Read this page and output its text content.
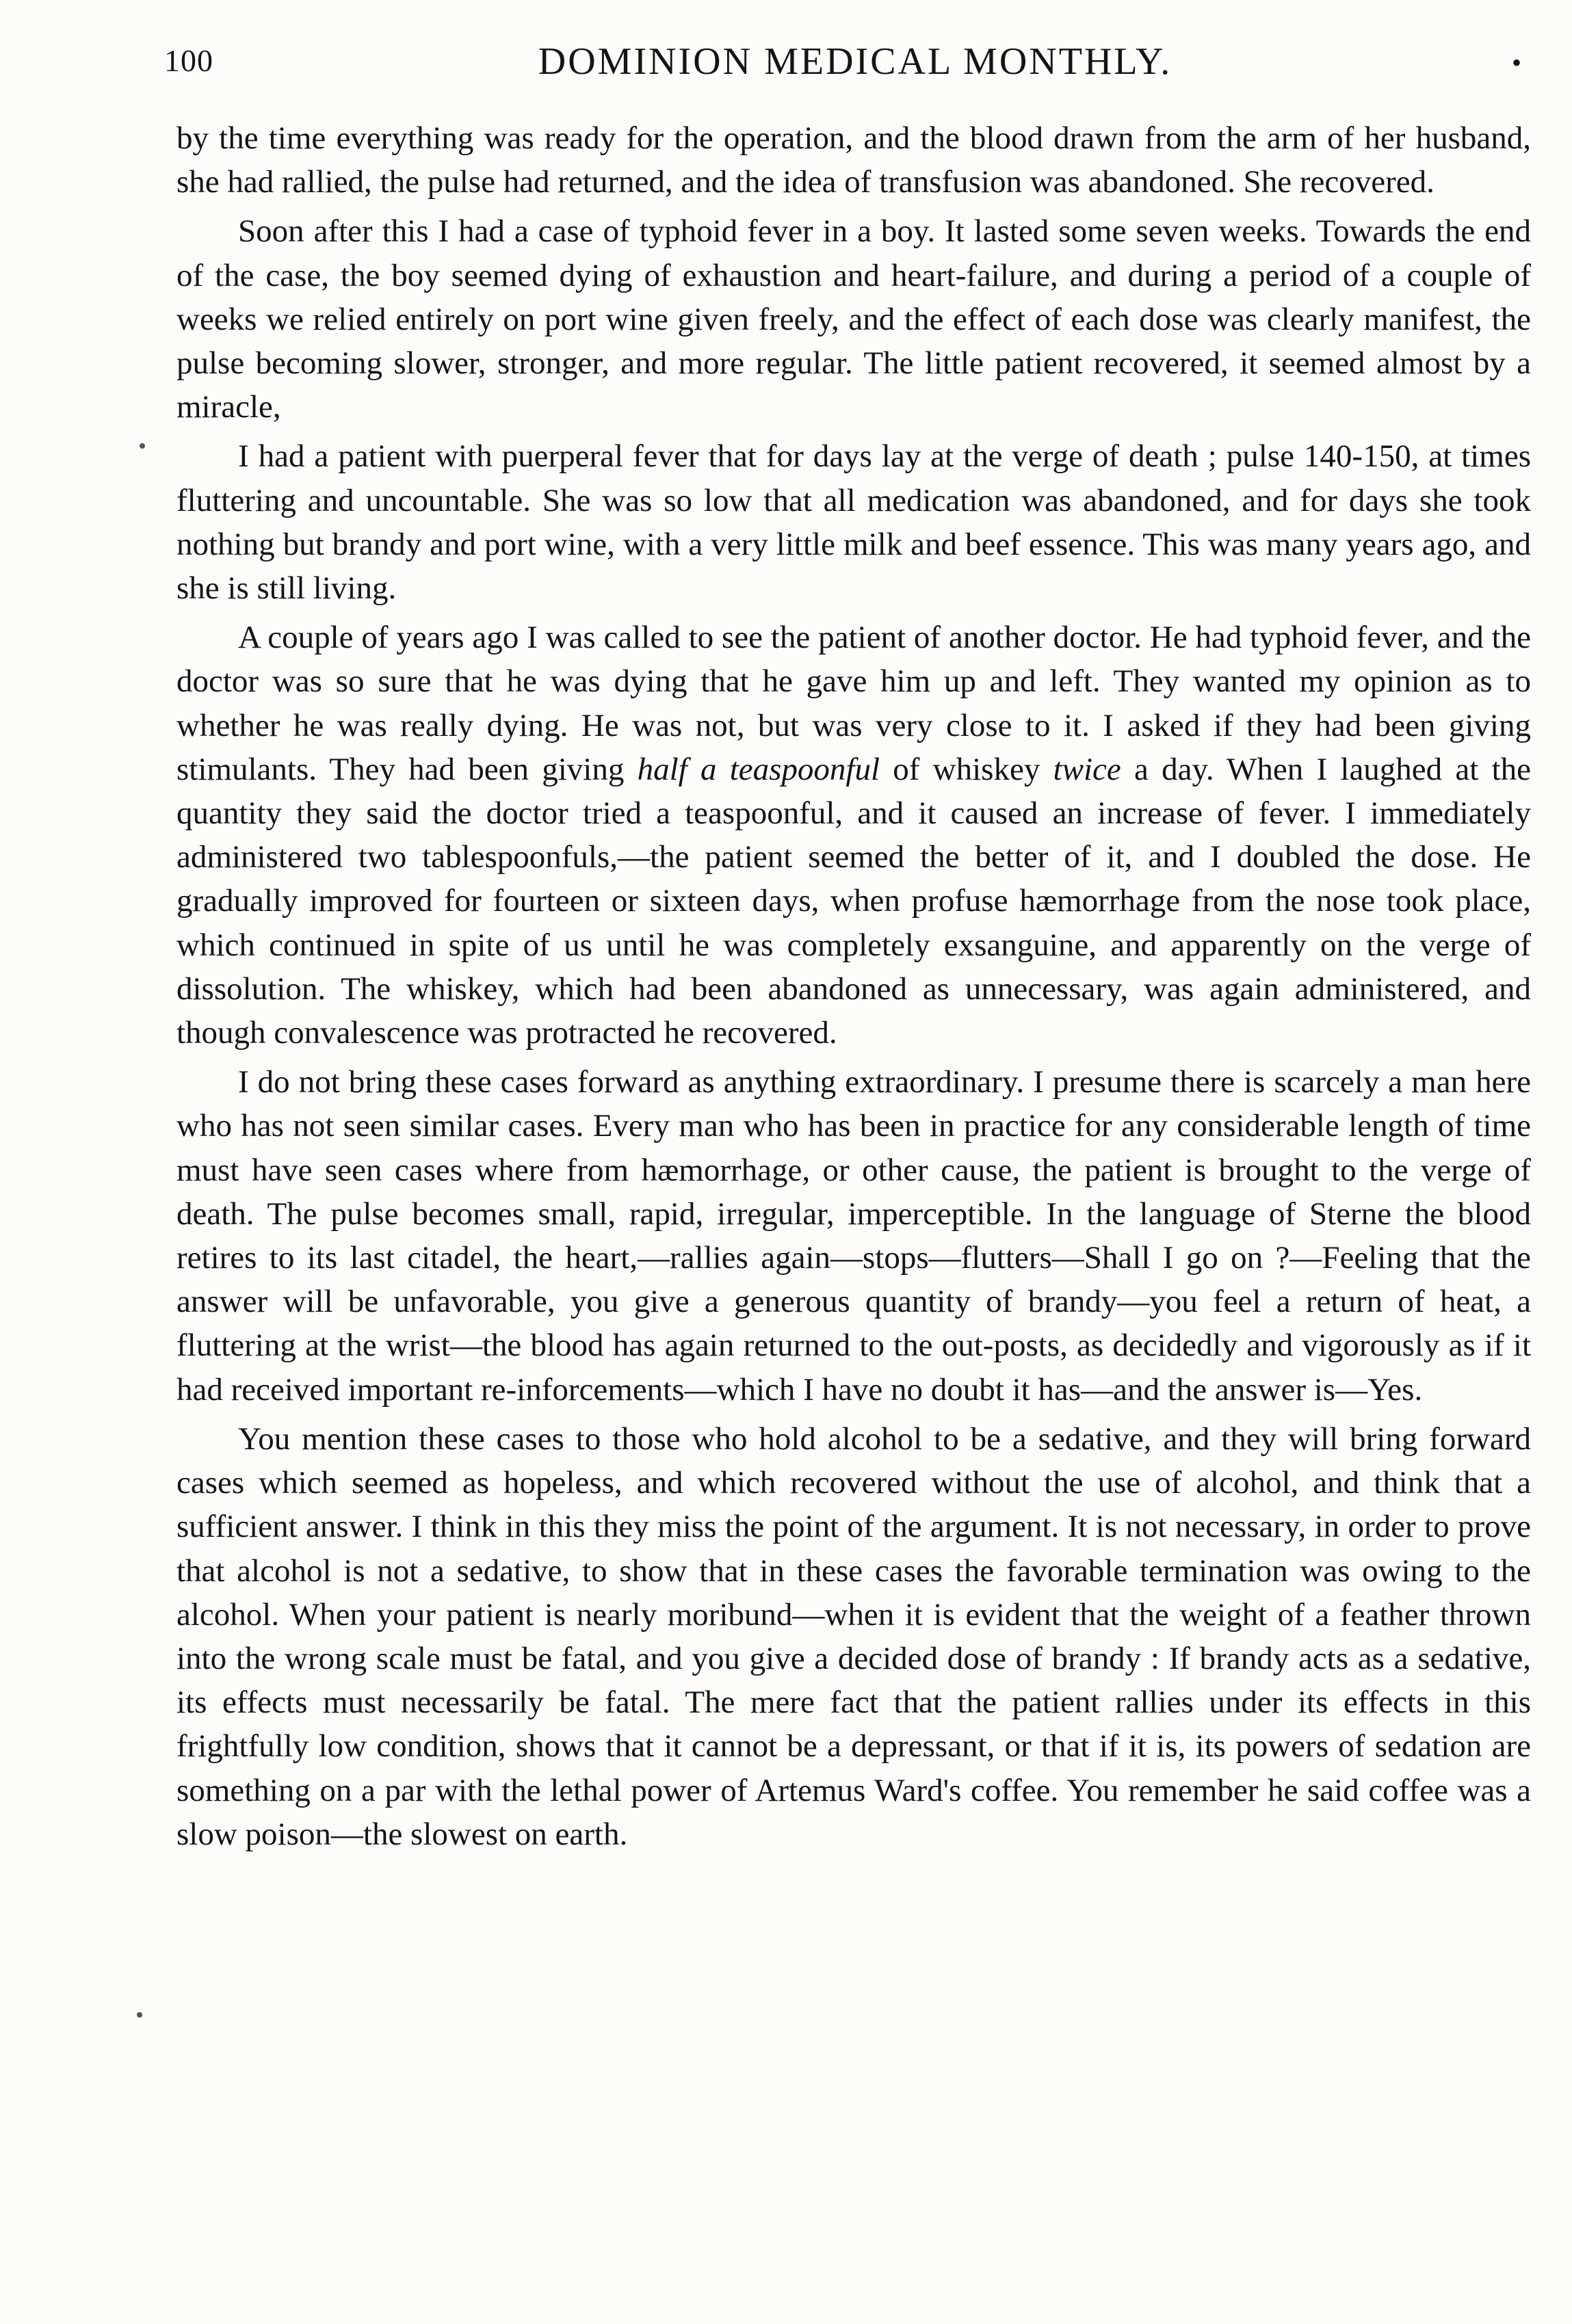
100	DOMINION MEDICAL MONTHLY.	•

by the time everything was ready for the operation, and the blood drawn from the arm of her husband, she had rallied, the pulse had returned, and the idea of transfusion was abandoned. She recovered.

Soon after this I had a case of typhoid fever in a boy. It lasted some seven weeks. Towards the end of the case, the boy seemed dying of exhaustion and heart-failure, and during a period of a couple of weeks we relied entirely on port wine given freely, and the effect of each dose was clearly manifest, the pulse becoming slower, stronger, and more regular. The little patient recovered, it seemed almost by a miracle,

I had a patient with puerperal fever that for days lay at the verge of death ; pulse 140-150, at times fluttering and uncountable. She was so low that all medication was abandoned, and for days she took nothing but brandy and port wine, with a very little milk and beef essence. This was many years ago, and she is still living.

A couple of years ago I was called to see the patient of another doctor. He had typhoid fever, and the doctor was so sure that he was dying that he gave him up and left. They wanted my opinion as to whether he was really dying. He was not, but was very close to it. I asked if they had been giving stimulants. They had been giving half a teaspoonful of whiskey twice a day. When I laughed at the quantity they said the doctor tried a teaspoonful, and it caused an increase of fever. I immediately administered two tablespoonfuls,—the patient seemed the better of it, and I doubled the dose. He gradually improved for fourteen or sixteen days, when profuse hæmorrhage from the nose took place, which continued in spite of us until he was completely exsanguine, and apparently on the verge of dissolution. The whiskey, which had been abandoned as unnecessary, was again administered, and though convalescence was protracted he recovered.

I do not bring these cases forward as anything extraordinary. I presume there is scarcely a man here who has not seen similar cases. Every man who has been in practice for any considerable length of time must have seen cases where from hæmorrhage, or other cause, the patient is brought to the verge of death. The pulse becomes small, rapid, irregular, imperceptible. In the language of Sterne the blood retires to its last citadel, the heart,—rallies again—stops—flutters—Shall I go on ?—Feeling that the answer will be unfavorable, you give a generous quantity of brandy—you feel a return of heat, a fluttering at the wrist—the blood has again returned to the out-posts, as decidedly and vigorously as if it had received important re-inforcements—which I have no doubt it has—and the answer is—Yes.

You mention these cases to those who hold alcohol to be a sedative, and they will bring forward cases which seemed as hopeless, and which recovered without the use of alcohol, and think that a sufficient answer. I think in this they miss the point of the argument. It is not necessary, in order to prove that alcohol is not a sedative, to show that in these cases the favorable termination was owing to the alcohol. When your patient is nearly moribund—when it is evident that the weight of a feather thrown into the wrong scale must be fatal, and you give a decided dose of brandy : If brandy acts as a sedative, its effects must necessarily be fatal. The mere fact that the patient rallies under its effects in this frightfully low condition, shows that it cannot be a depressant, or that if it is, its powers of sedation are something on a par with the lethal power of Artemus Ward's coffee. You remember he said coffee was a slow poison—the slowest on earth.
